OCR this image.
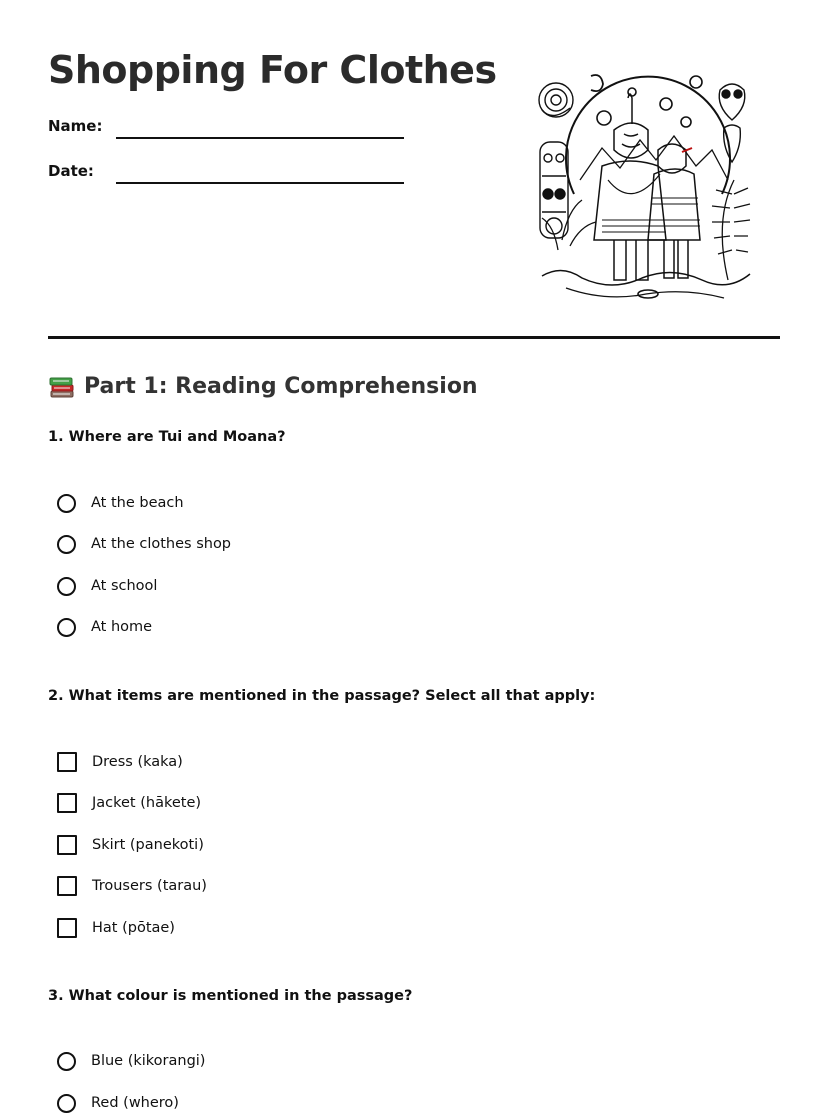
Shopping For Clothes
Name:
Date:
Part 1: Reading Comprehension
1. Where are Tui and Moana?
At the beach
At the clothes shop
At school
At home
2. What items are mentioned in the passage? Select all that apply:
Dress (kaka)
Jacket (hākete)
Skirt (panekoti)
Trousers (tarau)
Hat (pōtae)
3. What colour is mentioned in the passage?
Blue (kikorangi)
Red (whero)
